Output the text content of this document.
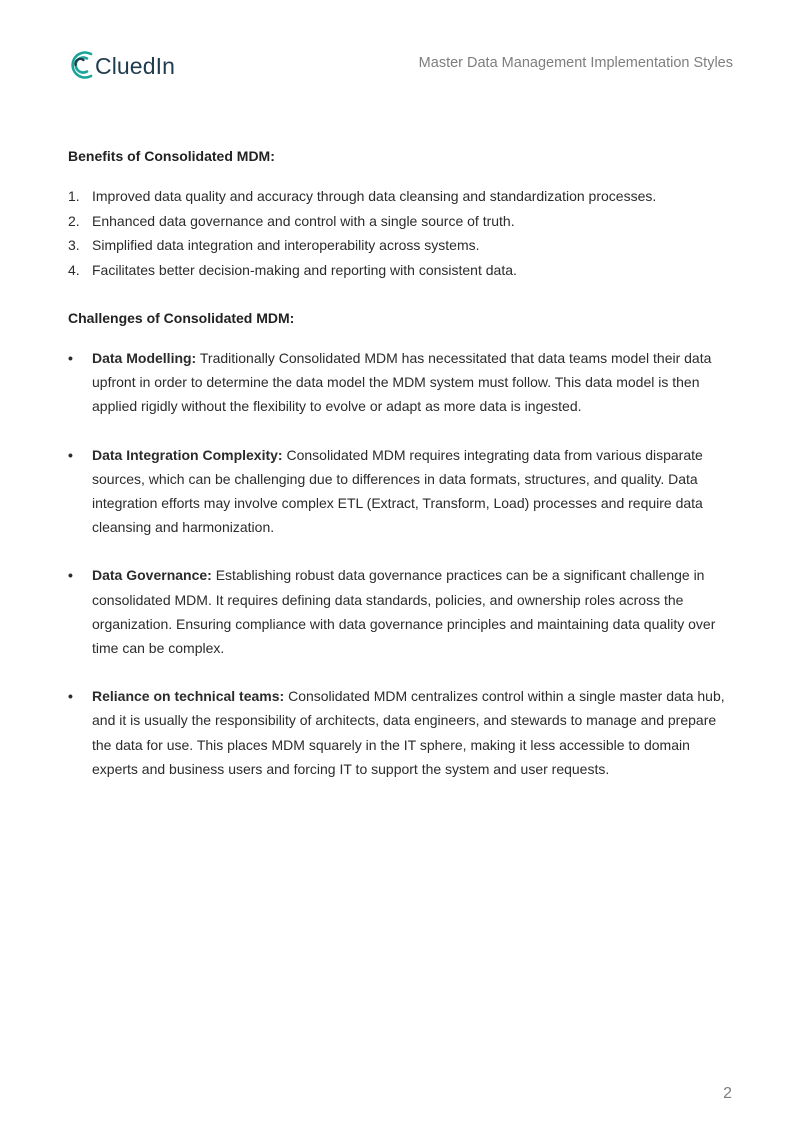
CluedIn	Master Data Management Implementation Styles

Benefits of Consolidated MDM:

1. Improved data quality and accuracy through data cleansing and standardization processes.
2. Enhanced data governance and control with a single source of truth.
3. Simplified data integration and interoperability across systems.
4. Facilitates better decision-making and reporting with consistent data.

Challenges of Consolidated MDM:

• Data Modelling: Traditionally Consolidated MDM has necessitated that data teams model their data upfront in order to determine the data model the MDM system must follow. This data model is then applied rigidly without the flexibility to evolve or adapt as more data is ingested.
• Data Integration Complexity: Consolidated MDM requires integrating data from various disparate sources, which can be challenging due to differences in data formats, structures, and quality. Data integration efforts may involve complex ETL (Extract, Transform, Load) processes and require data cleansing and harmonization.
• Data Governance: Establishing robust data governance practices can be a significant challenge in consolidated MDM. It requires defining data standards, policies, and ownership roles across the organization. Ensuring compliance with data governance principles and maintaining data quality over time can be complex.
• Reliance on technical teams: Consolidated MDM centralizes control within a single master data hub, and it is usually the responsibility of architects, data engineers, and stewards to manage and prepare the data for use. This places MDM squarely in the IT sphere, making it less accessible to domain experts and business users and forcing IT to support the system and user requests.
2
